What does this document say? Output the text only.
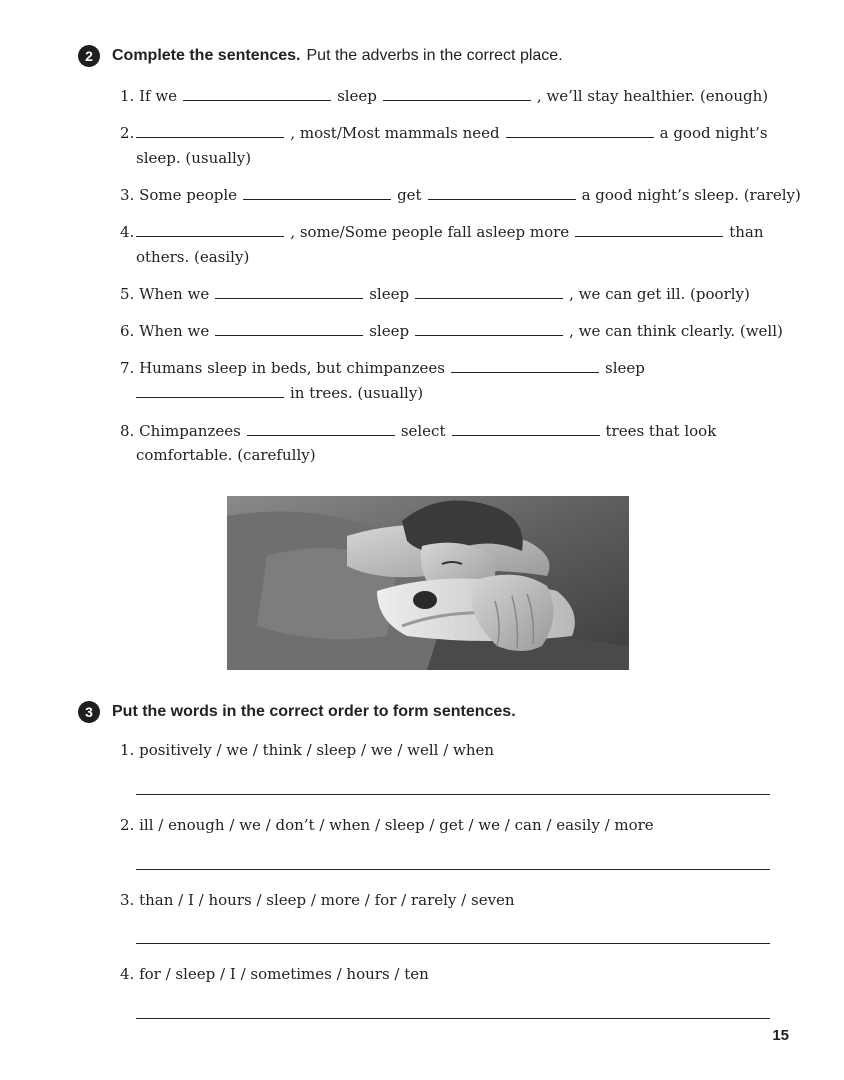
2	Complete the sentences. Put the adverbs in the correct place.
1. If we	sleep	, we’ll stay healthier. (enough)
2.	, most/Most mammals need	a good night’s
sleep. (usually)
3. Some people	get	a good night’s sleep. (rarely)
4.	, some/Some people fall asleep more	than
others. (easily)
5. When we	sleep	, we can get ill. (poorly)
6. When we	sleep	, we can think clearly. (well)
7. Humans sleep in beds, but chimpanzees	sleep
in trees. (usually)
8. Chimpanzees	select	trees that look
comfortable. (carefully)
3	Put the words in the correct order to form sentences.
1. positively / we / think / sleep / we / well / when
2. ill / enough / we / don’t / when / sleep / get / we / can / easily / more
3. than / I / hours / sleep / more / for / rarely / seven
4. for / sleep / I / sometimes / hours / ten
15
